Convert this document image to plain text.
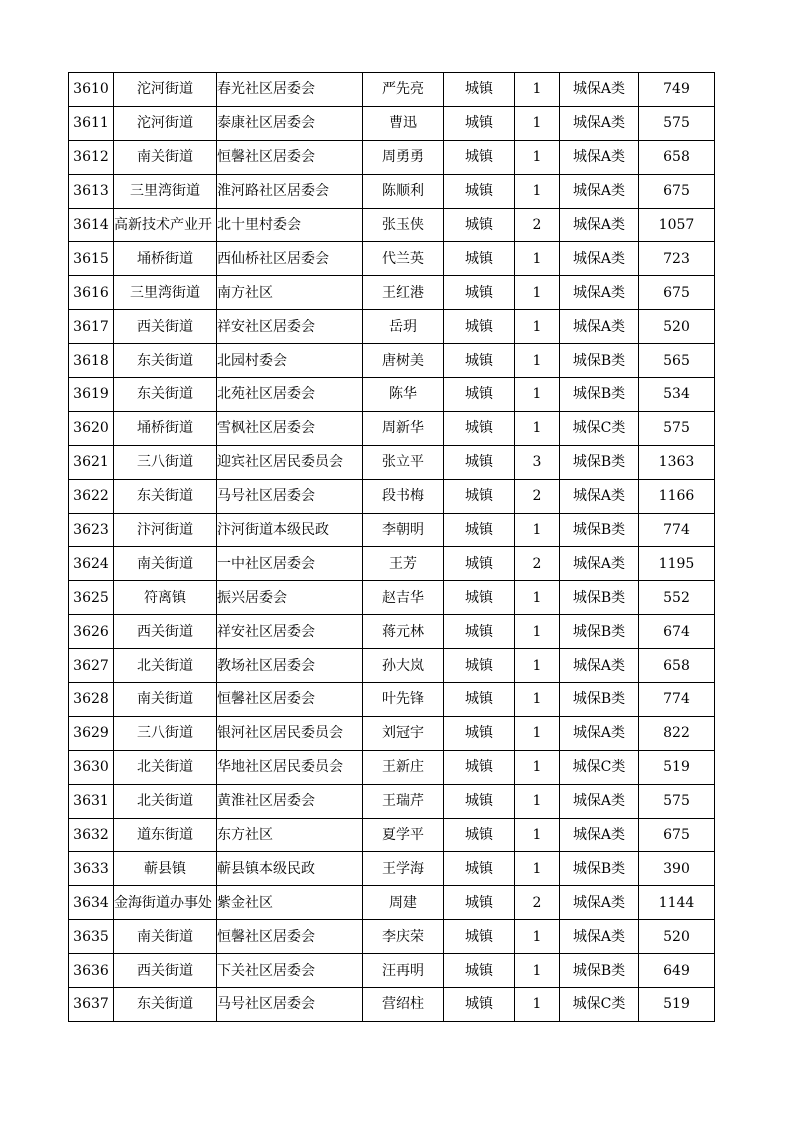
3610	沱河街道	春光社区居委会	严先亮	城镇	1	城保A类	749
3611	沱河街道	泰康社区居委会	曹迅	城镇	1	城保A类	575
3612	南关街道	恒馨社区居委会	周勇勇	城镇	1	城保A类	658
3613	三里湾街道	淮河路社区居委会	陈顺利	城镇	1	城保A类	675
3614	高新技术产业开	北十里村委会	张玉侠	城镇	2	城保A类	1057
3615	埇桥街道	西仙桥社区居委会	代兰英	城镇	1	城保A类	723
3616	三里湾街道	南方社区	王红港	城镇	1	城保A类	675
3617	西关街道	祥安社区居委会	岳玥	城镇	1	城保A类	520
3618	东关街道	北园村委会	唐树美	城镇	1	城保B类	565
3619	东关街道	北苑社区居委会	陈华	城镇	1	城保B类	534
3620	埇桥街道	雪枫社区居委会	周新华	城镇	1	城保C类	575
3621	三八街道	迎宾社区居民委员会	张立平	城镇	3	城保B类	1363
3622	东关街道	马号社区居委会	段书梅	城镇	2	城保A类	1166
3623	汴河街道	汴河街道本级民政	李朝明	城镇	1	城保B类	774
3624	南关街道	一中社区居委会	王芳	城镇	2	城保A类	1195
3625	符离镇	振兴居委会	赵吉华	城镇	1	城保B类	552
3626	西关街道	祥安社区居委会	蒋元林	城镇	1	城保B类	674
3627	北关街道	教场社区居委会	孙大岚	城镇	1	城保A类	658
3628	南关街道	恒馨社区居委会	叶先锋	城镇	1	城保B类	774
3629	三八街道	银河社区居民委员会	刘冠宇	城镇	1	城保A类	822
3630	北关街道	华地社区居民委员会	王新庄	城镇	1	城保C类	519
3631	北关街道	黄淮社区居委会	王瑞芹	城镇	1	城保A类	575
3632	道东街道	东方社区	夏学平	城镇	1	城保A类	675
3633	蕲县镇	蕲县镇本级民政	王学海	城镇	1	城保B类	390
3634	金海街道办事处	紫金社区	周建	城镇	2	城保A类	1144
3635	南关街道	恒馨社区居委会	李庆荣	城镇	1	城保A类	520
3636	西关街道	下关社区居委会	汪再明	城镇	1	城保B类	649
3637	东关街道	马号社区居委会	营绍柱	城镇	1	城保C类	519
